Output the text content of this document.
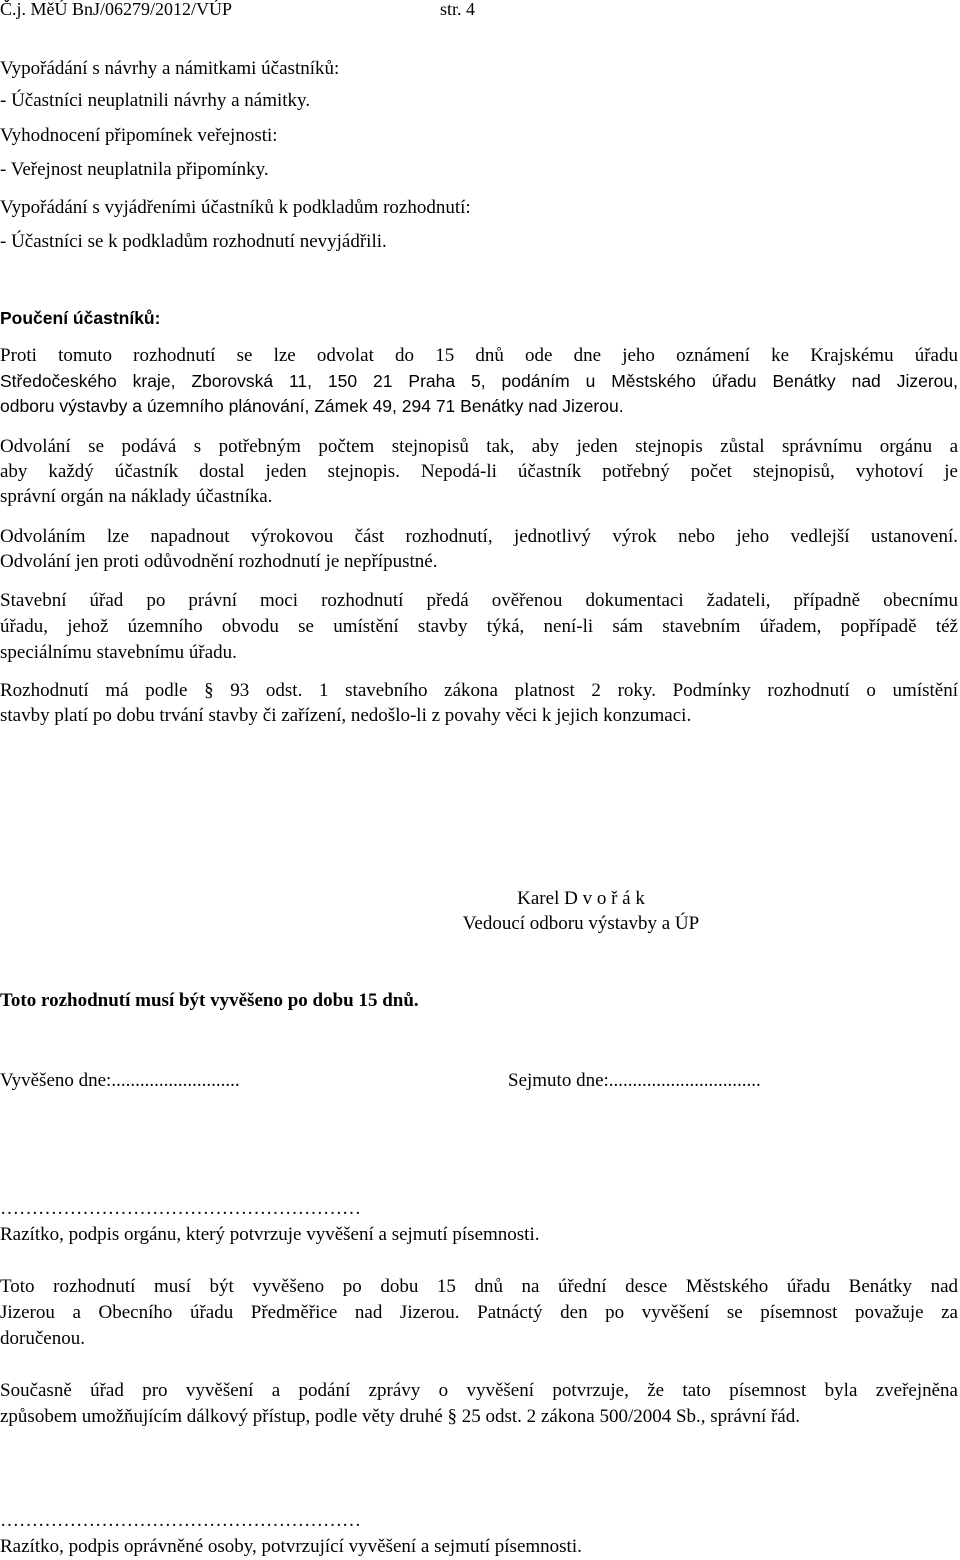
Č.j. MěÚ BnJ/06279/2012/VÚP	str. 4
Vypořádání s návrhy a námitkami účastníků:
- Účastníci neuplatnili návrhy a námitky.
Vyhodnocení připomínek veřejnosti:
- Veřejnost neuplatnila připomínky.
Vypořádání s vyjádřeními účastníků k podkladům rozhodnutí:
- Účastníci se k podkladům rozhodnutí nevyjádřili.
Poučení účastníků:
Proti tomuto rozhodnutí se lze odvolat do 15 dnů ode dne jeho oznámení ke Krajskému úřadu
Středočeského kraje, Zborovská 11, 150 21 Praha 5, podáním u Městského úřadu Benátky nad Jizerou,
odboru výstavby a územního plánování, Zámek 49, 294 71 Benátky nad Jizerou.
Odvolání se podává s potřebným počtem stejnopisů tak, aby jeden stejnopis zůstal správnímu orgánu a
aby každý účastník dostal jeden stejnopis. Nepodá-li účastník potřebný počet stejnopisů, vyhotoví je
správní orgán na náklady účastníka.
Odvoláním lze napadnout výrokovou část rozhodnutí, jednotlivý výrok nebo jeho vedlejší ustanovení.
Odvolání jen proti odůvodnění rozhodnutí je nepřípustné.
Stavební úřad po právní moci rozhodnutí předá ověřenou dokumentaci žadateli, případně obecnímu
úřadu, jehož územního obvodu se umístění stavby týká, není-li sám stavebním úřadem, popřípadě též
speciálnímu stavebnímu úřadu.
Rozhodnutí má podle § 93 odst. 1 stavebního zákona platnost 2 roky. Podmínky rozhodnutí o umístění
stavby platí po dobu trvání stavby či zařízení, nedošlo-li z povahy věci k jejich konzumaci.
Karel D v o ř á k
Vedoucí odboru výstavby a ÚP
Toto rozhodnutí musí být vyvěšeno po dobu 15 dnů.
Vyvěšeno dne:...........................	Sejmuto dne:................................
…………………………………………………
Razítko, podpis orgánu, který potvrzuje vyvěšení a sejmutí písemnosti.
Toto rozhodnutí musí být vyvěšeno po dobu 15 dnů na úřední desce Městského úřadu Benátky nad
Jizerou a Obecního úřadu Předměřice nad Jizerou. Patnáctý den po vyvěšení se písemnost považuje za
doručenou.
Současně úřad pro vyvěšení a podání zprávy o vyvěšení potvrzuje, že tato písemnost byla zveřejněna
způsobem umožňujícím dálkový přístup, podle věty druhé § 25 odst. 2 zákona 500/2004 Sb., správní řád.
…………………………………………………
Razítko, podpis oprávněné osoby, potvrzující vyvěšení a sejmutí písemnosti.
